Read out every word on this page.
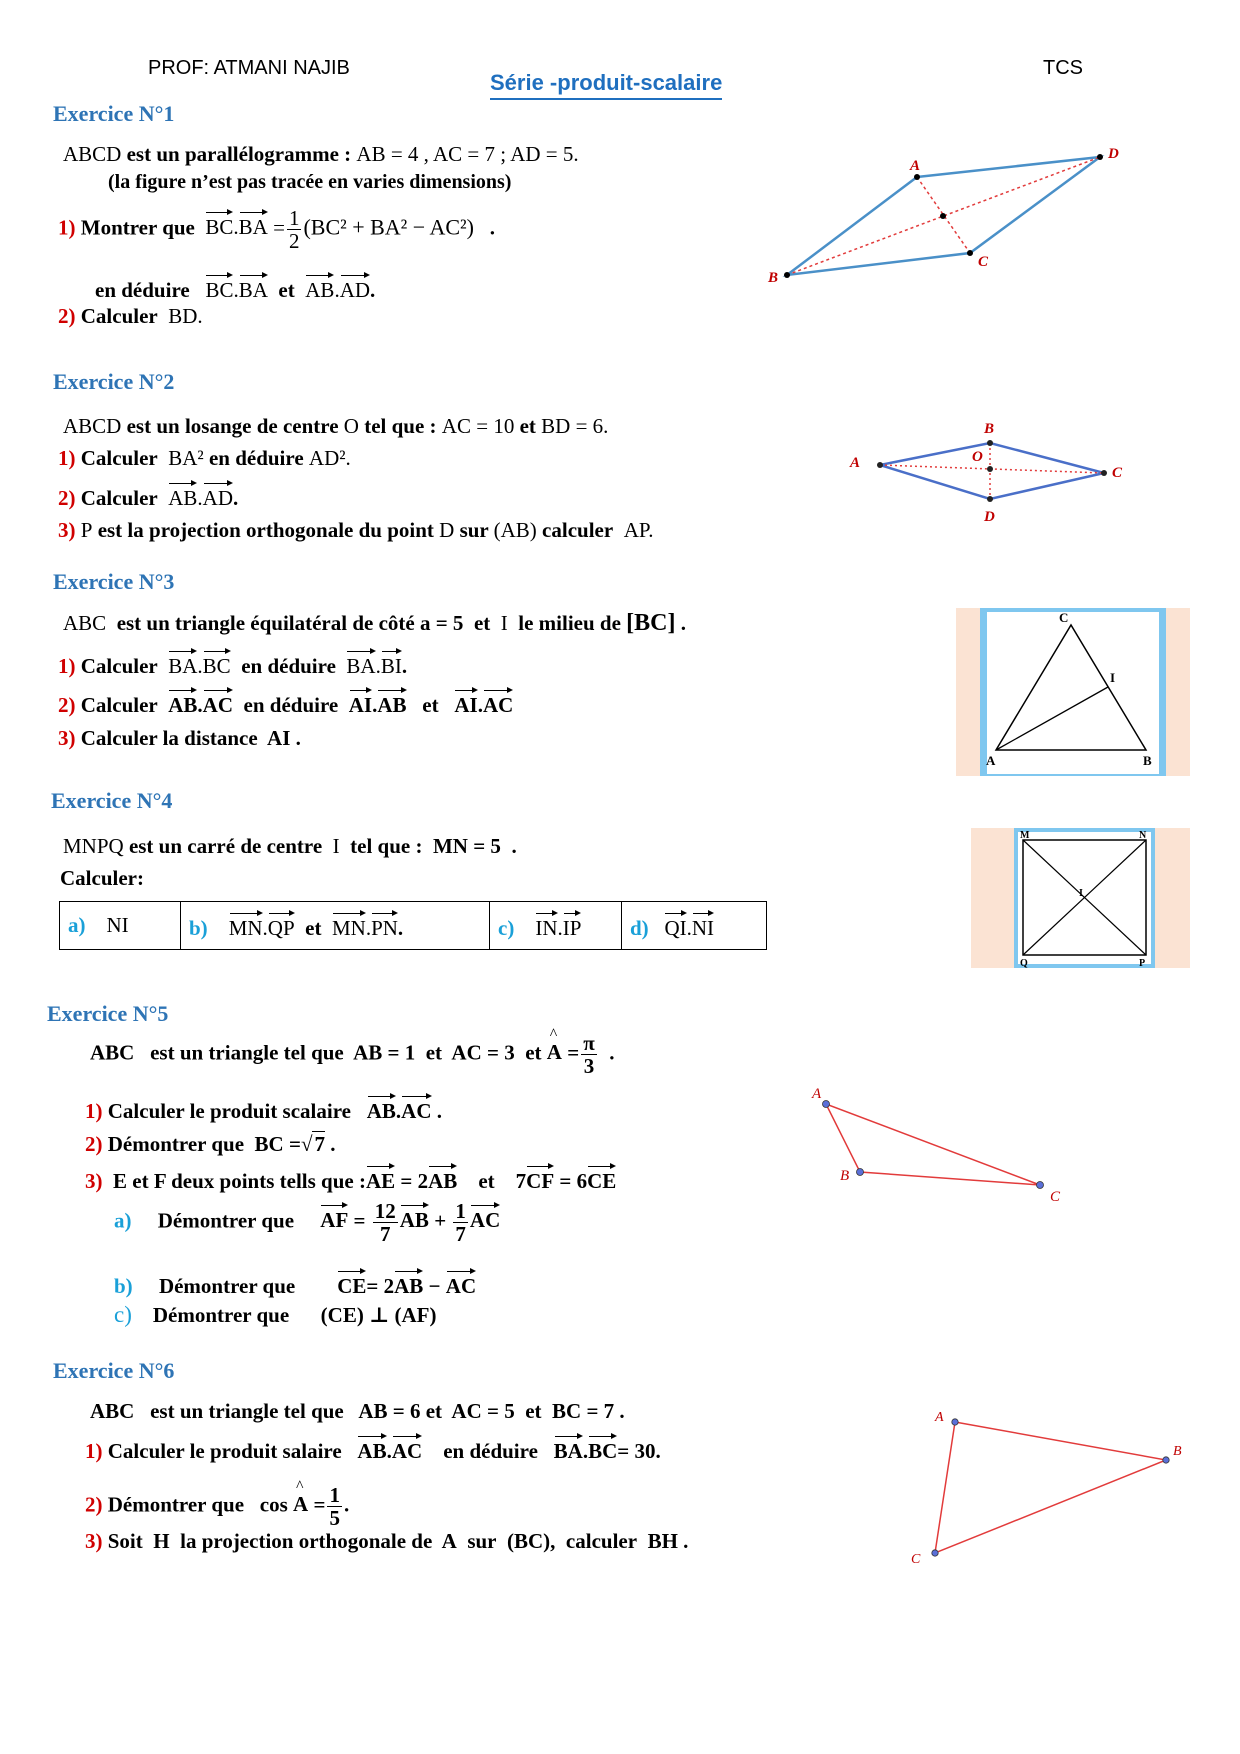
PROF: ATMANI NAJIB
Série -produit-scalaire
TCS
Exercice N°1
ABCD est un parallélogramme : AB = 4 , AC = 7 ; AD = 5.
(la figure n’est pas tracée en varies dimensions)
1) Montrer que $BC.BA = \frac{1}{2} (BC^2 + BA^2 - AC^2)$ .
en déduire BC.BA et AB.AD.
2) Calculer BD.
A
D
C
B
Exercice N°2
ABCD est un losange de centre O tel que : AC = 10 et BD = 6.
1) Calculer BA² en déduire AD².
2) Calculer AB.AD.
3) P est la projection orthogonale du point D sur (AB) calculer AP.
A
B
C
D
O
Exercice N°3
ABC est un triangle équilatéral de côté a = 5 et I le milieu de [BC] .
1) Calculer BA.BC en déduire BA.BI.
2) Calculer AB.AC en déduire AI.AB et AI.AC
3) Calculer la distance AI .
C
I
A	B
Exercice N°4
MNPQ est un carré de centre I tel que : MN = 5 .
Calculer:
a) NI	b) MN.QP et MN.PN.	c) IN.IP	d) QI.NI
M	N
P
Q
I
Exercice N°5
ABC est un triangle tel que AB = 1 et AC = 3 et ^ $A = \frac{\pi}{3}$ .
1) Calculer le produit scalaire AB.AC .
2) Démontrer que BC =√7 .
3) E et F deux points tells que :AE = 2AB et 7CF = 6CE
a) Démontrer que AF = $\frac{12}{7}$ AB + $\frac{1}{7}$ AC
b) Démontrer que CE= 2AB − AC
c) Démontrer que (CE) ⊥ (AF)
A
B
C
Exercice N°6
ABC est un triangle tel que AB = 6 et AC = 5 et BC = 7 .
1) Calculer le produit salaire AB.AC en déduire BA.BC= 30.
2) Démontrer que cos ^ $A = \frac{1}{5}$ .
3) Soit H la projection orthogonale de A sur (BC), calculer BH .
A
B
C
